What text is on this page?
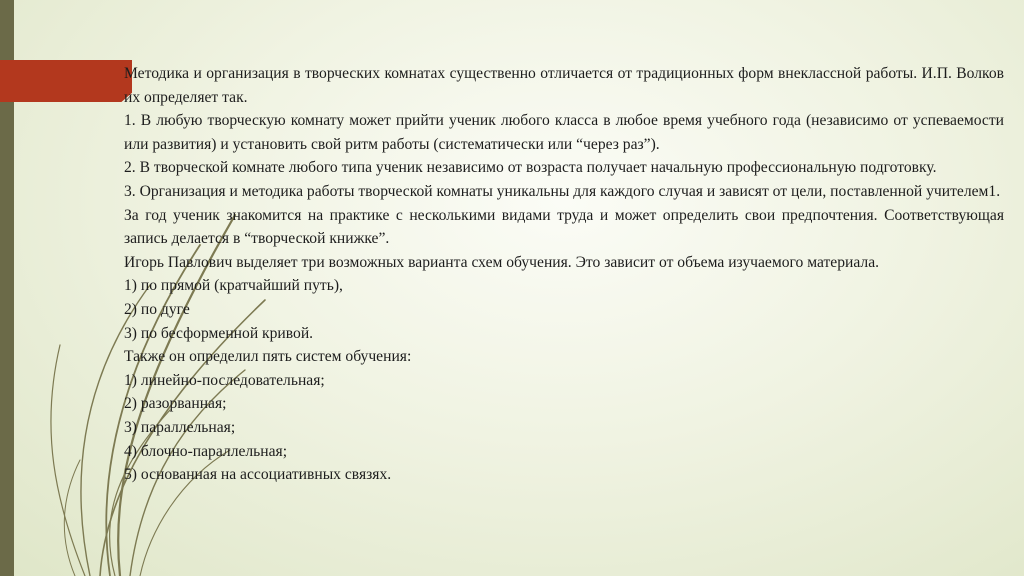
Методика и организация в творческих комнатах существенно отличается от традиционных форм внеклассной работы. И.П. Волков их определяет так.

1. В любую творческую комнату может прийти ученик любого класса в любое время учебного года (независимо от успеваемости или развития) и установить свой ритм работы (систематически или “через раз”).

2. В творческой комнате любого типа ученик независимо от возраста получает начальную профессиональную подготовку.

3. Организация и методика работы творческой комнаты уникальны для каждого случая и зависят от цели, поставленной учителем1.

За год ученик знакомится на практике с несколькими видами труда и может определить свои предпочтения. Соответствующая запись делается в “творческой книжке”.

Игорь Павлович выделяет три возможных варианта схем обучения. Это зависит от объема изучаемого материала.

1) по прямой (кратчайший путь),

2) по дуге

3) по бесформенной кривой.

Также он определил пять систем обучения:

1) линейно-последовательная;

2) разорванная;

3) параллельная;

4) блочно-параллельная;

5) основанная на ассоциативных связях.
